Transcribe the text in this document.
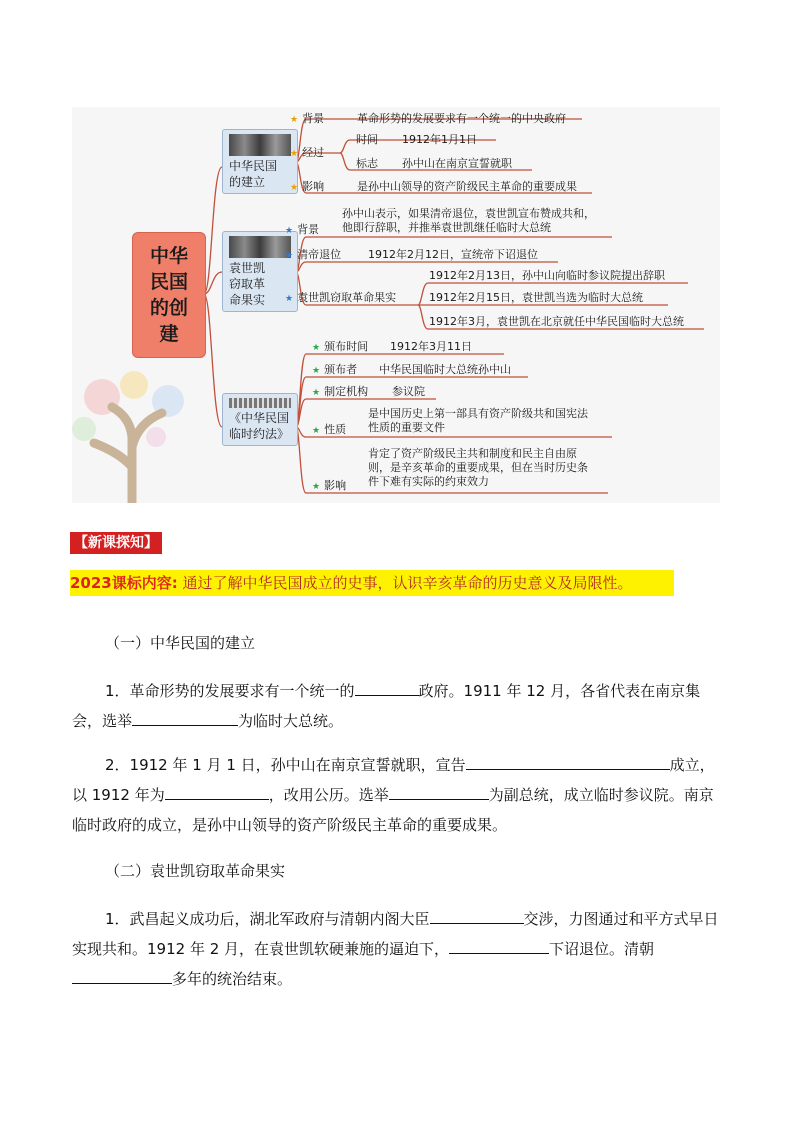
中华民国的创建
中华民国
的建立
★ 背景	革命形势的发展要求有一个统一的中央政府
★ 经过
时间 1912年1月1日
标志 孙中山在南京宣誓就职
★ 影响	是孙中山领导的资产阶级民主革命的重要成果
袁世凯
窃取革
命果实
★ 背景
孙中山表示，如果清帝退位，袁世凯宣布赞成共和，
他即行辞职，并推举袁世凯继任临时大总统
★ 清帝退位 1912年2月12日，宣统帝下诏退位
★ 袁世凯窃取革命果实
1912年2月13日，孙中山向临时参议院提出辞职
1912年2月15日，袁世凯当选为临时大总统
1912年3月，袁世凯在北京就任中华民国临时大总统
《中华民国
临时约法》
★ 颁布时间 1912年3月11日
★ 颁布者 中华民国临时大总统孙中山
★ 制定机构 参议院
★ 性质
是中国历史上第一部具有资产阶级共和国宪法
性质的重要文件
★ 影响
肯定了资产阶级民主共和制度和民主自由原
则，是辛亥革命的重要成果，但在当时历史条
件下难有实际的约束效力
【新课探知】
2023课标内容: 通过了解中华民国成立的史事，认识辛亥革命的历史意义及局限性。
（一）中华民国的建立
1．革命形势的发展要求有一个统一的	政府。1911 年 12 月，各省代表在南京集会，选举	为临时大总统。
2．1912 年 1 月 1 日，孙中山在南京宣誓就职，宣告	成立，以 1912 年为	，改用公历。选举	为副总统，成立临时参议院。南京临时政府的成立，是孙中山领导的资产阶级民主革命的重要成果。
（二）袁世凯窃取革命果实
1．武昌起义成功后，湖北军政府与清朝内阁大臣	交涉，力图通过和平方式早日实现共和。1912 年 2 月，在袁世凯软硬兼施的逼迫下，	下诏退位。清朝多年的统治结束。
